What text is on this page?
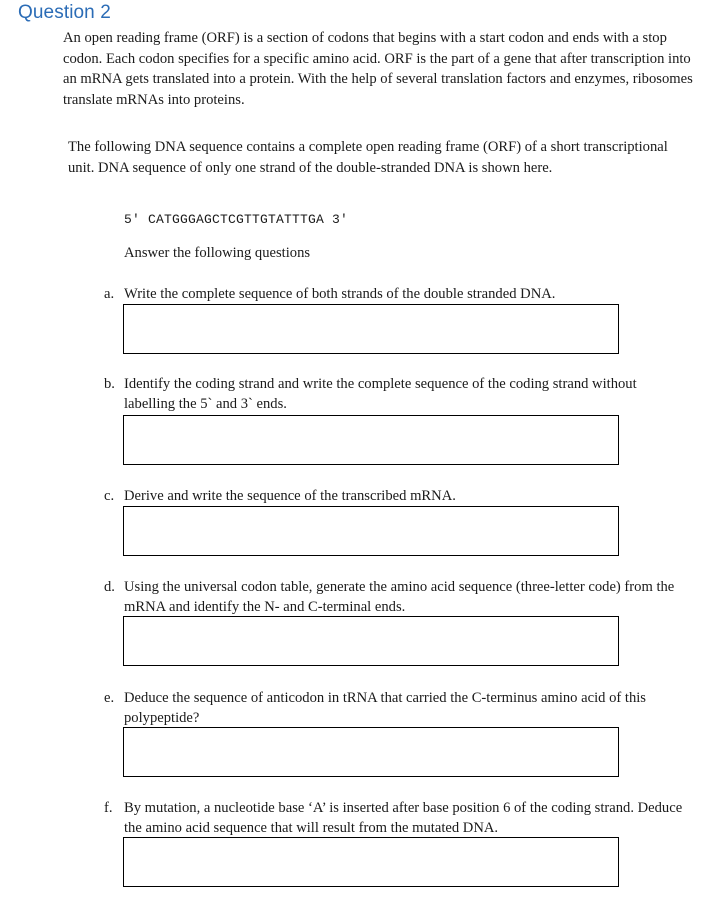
Question 2
An open reading frame (ORF) is a section of codons that begins with a start codon and ends with a stop codon. Each codon specifies for a specific amino acid. ORF is the part of a gene that after transcription into an mRNA gets translated into a protein. With the help of several translation factors and enzymes, ribosomes translate mRNAs into proteins.
The following DNA sequence contains a complete open reading frame (ORF) of a short transcriptional unit. DNA sequence of only one strand of the double-stranded DNA is shown here.
5′ CATGGGAGCTCGTTGTATTTGA 3′
Answer the following questions
a. Write the complete sequence of both strands of the double stranded DNA.
b. Identify the coding strand and write the complete sequence of the coding strand without labelling the 5` and 3` ends.
c. Derive and write the sequence of the transcribed mRNA.
d. Using the universal codon table, generate the amino acid sequence (three-letter code) from the mRNA and identify the N- and C-terminal ends.
e. Deduce the sequence of anticodon in tRNA that carried the C-terminus amino acid of this polypeptide?
f. By mutation, a nucleotide base ‘A’ is inserted after base position 6 of the coding strand. Deduce the amino acid sequence that will result from the mutated DNA.
